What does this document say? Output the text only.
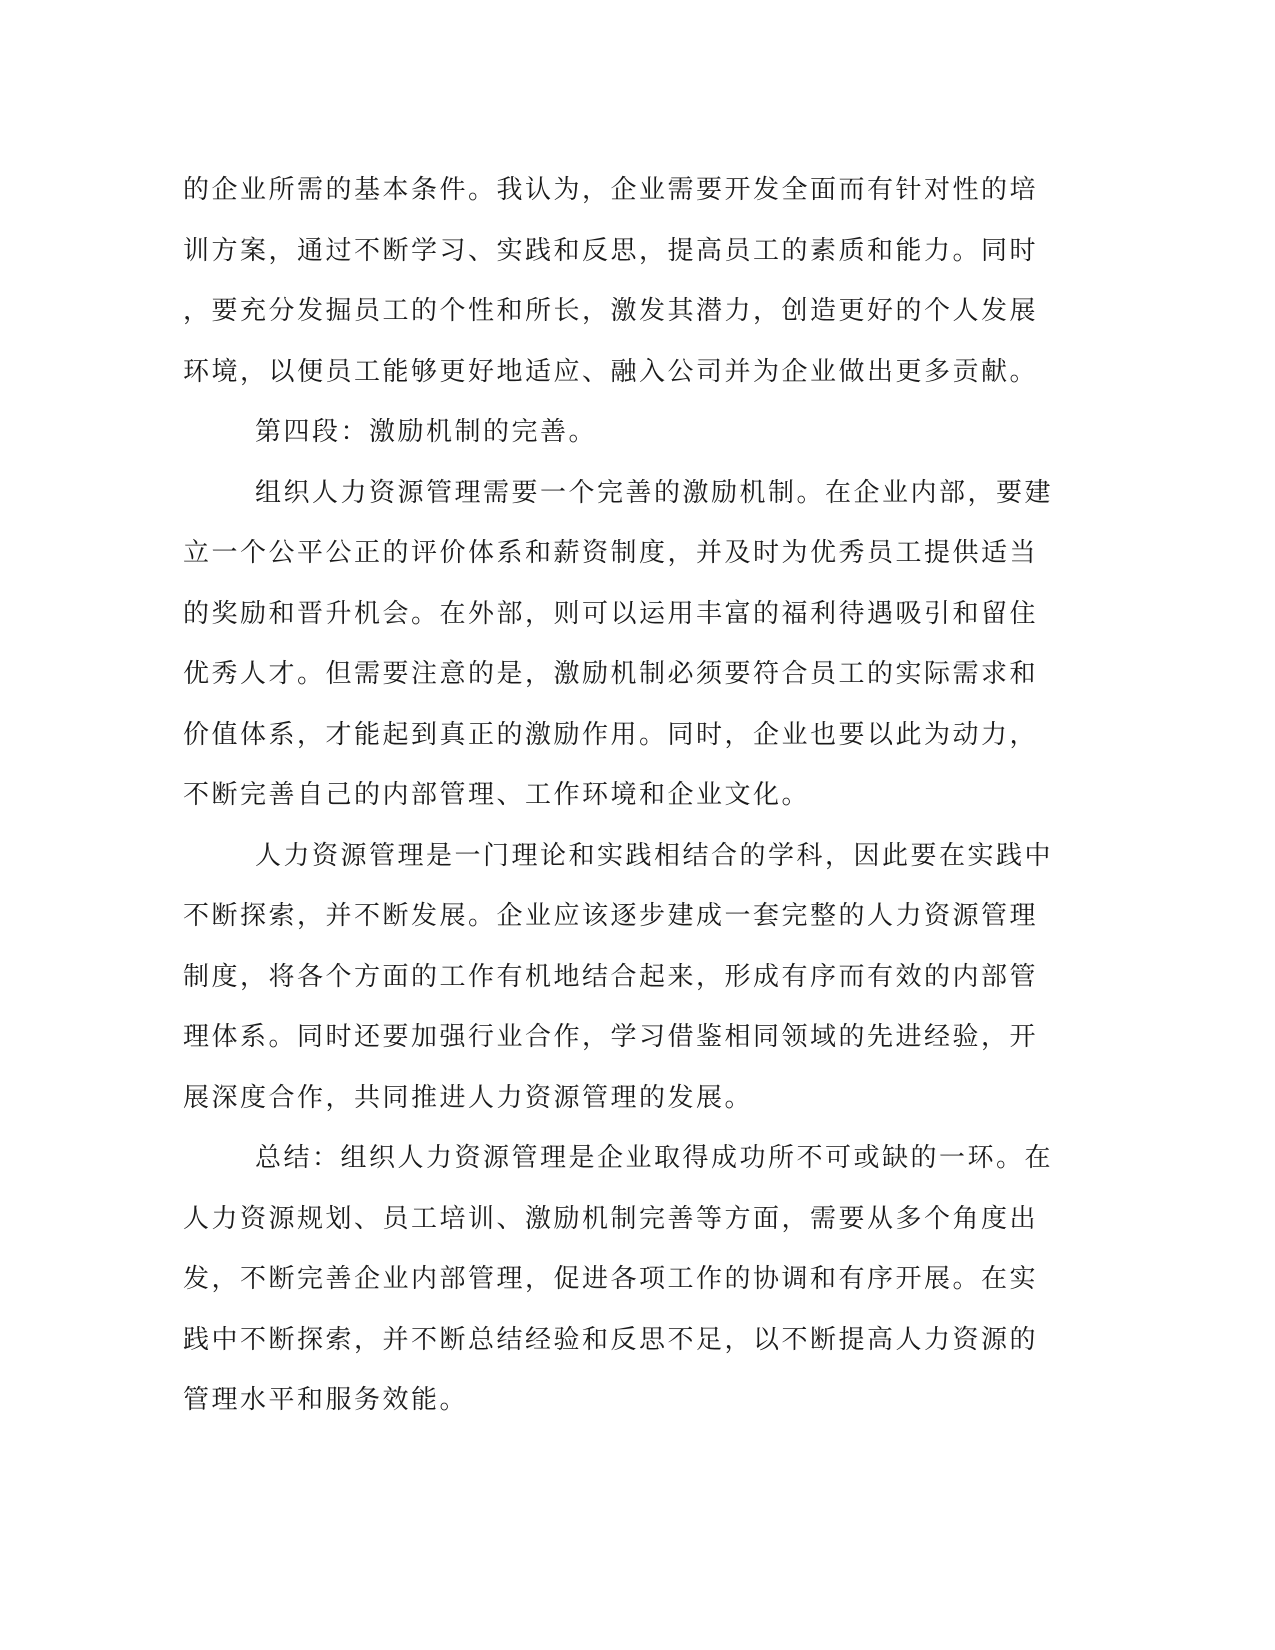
的企业所需的基本条件。我认为，企业需要开发全面而有针对性的培
训方案，通过不断学习、实践和反思，提高员工的素质和能力。同时
，要充分发掘员工的个性和所长，激发其潜力，创造更好的个人发展
环境，以便员工能够更好地适应、融入公司并为企业做出更多贡献。
第四段：激励机制的完善。
组织人力资源管理需要一个完善的激励机制。在企业内部，要建
立一个公平公正的评价体系和薪资制度，并及时为优秀员工提供适当
的奖励和晋升机会。在外部，则可以运用丰富的福利待遇吸引和留住
优秀人才。但需要注意的是，激励机制必须要符合员工的实际需求和
价值体系，才能起到真正的激励作用。同时，企业也要以此为动力，
不断完善自己的内部管理、工作环境和企业文化。
人力资源管理是一门理论和实践相结合的学科，因此要在实践中
不断探索，并不断发展。企业应该逐步建成一套完整的人力资源管理
制度，将各个方面的工作有机地结合起来，形成有序而有效的内部管
理体系。同时还要加强行业合作，学习借鉴相同领域的先进经验，开
展深度合作，共同推进人力资源管理的发展。
总结：组织人力资源管理是企业取得成功所不可或缺的一环。在
人力资源规划、员工培训、激励机制完善等方面，需要从多个角度出
发，不断完善企业内部管理，促进各项工作的协调和有序开展。在实
践中不断探索，并不断总结经验和反思不足，以不断提高人力资源的
管理水平和服务效能。
